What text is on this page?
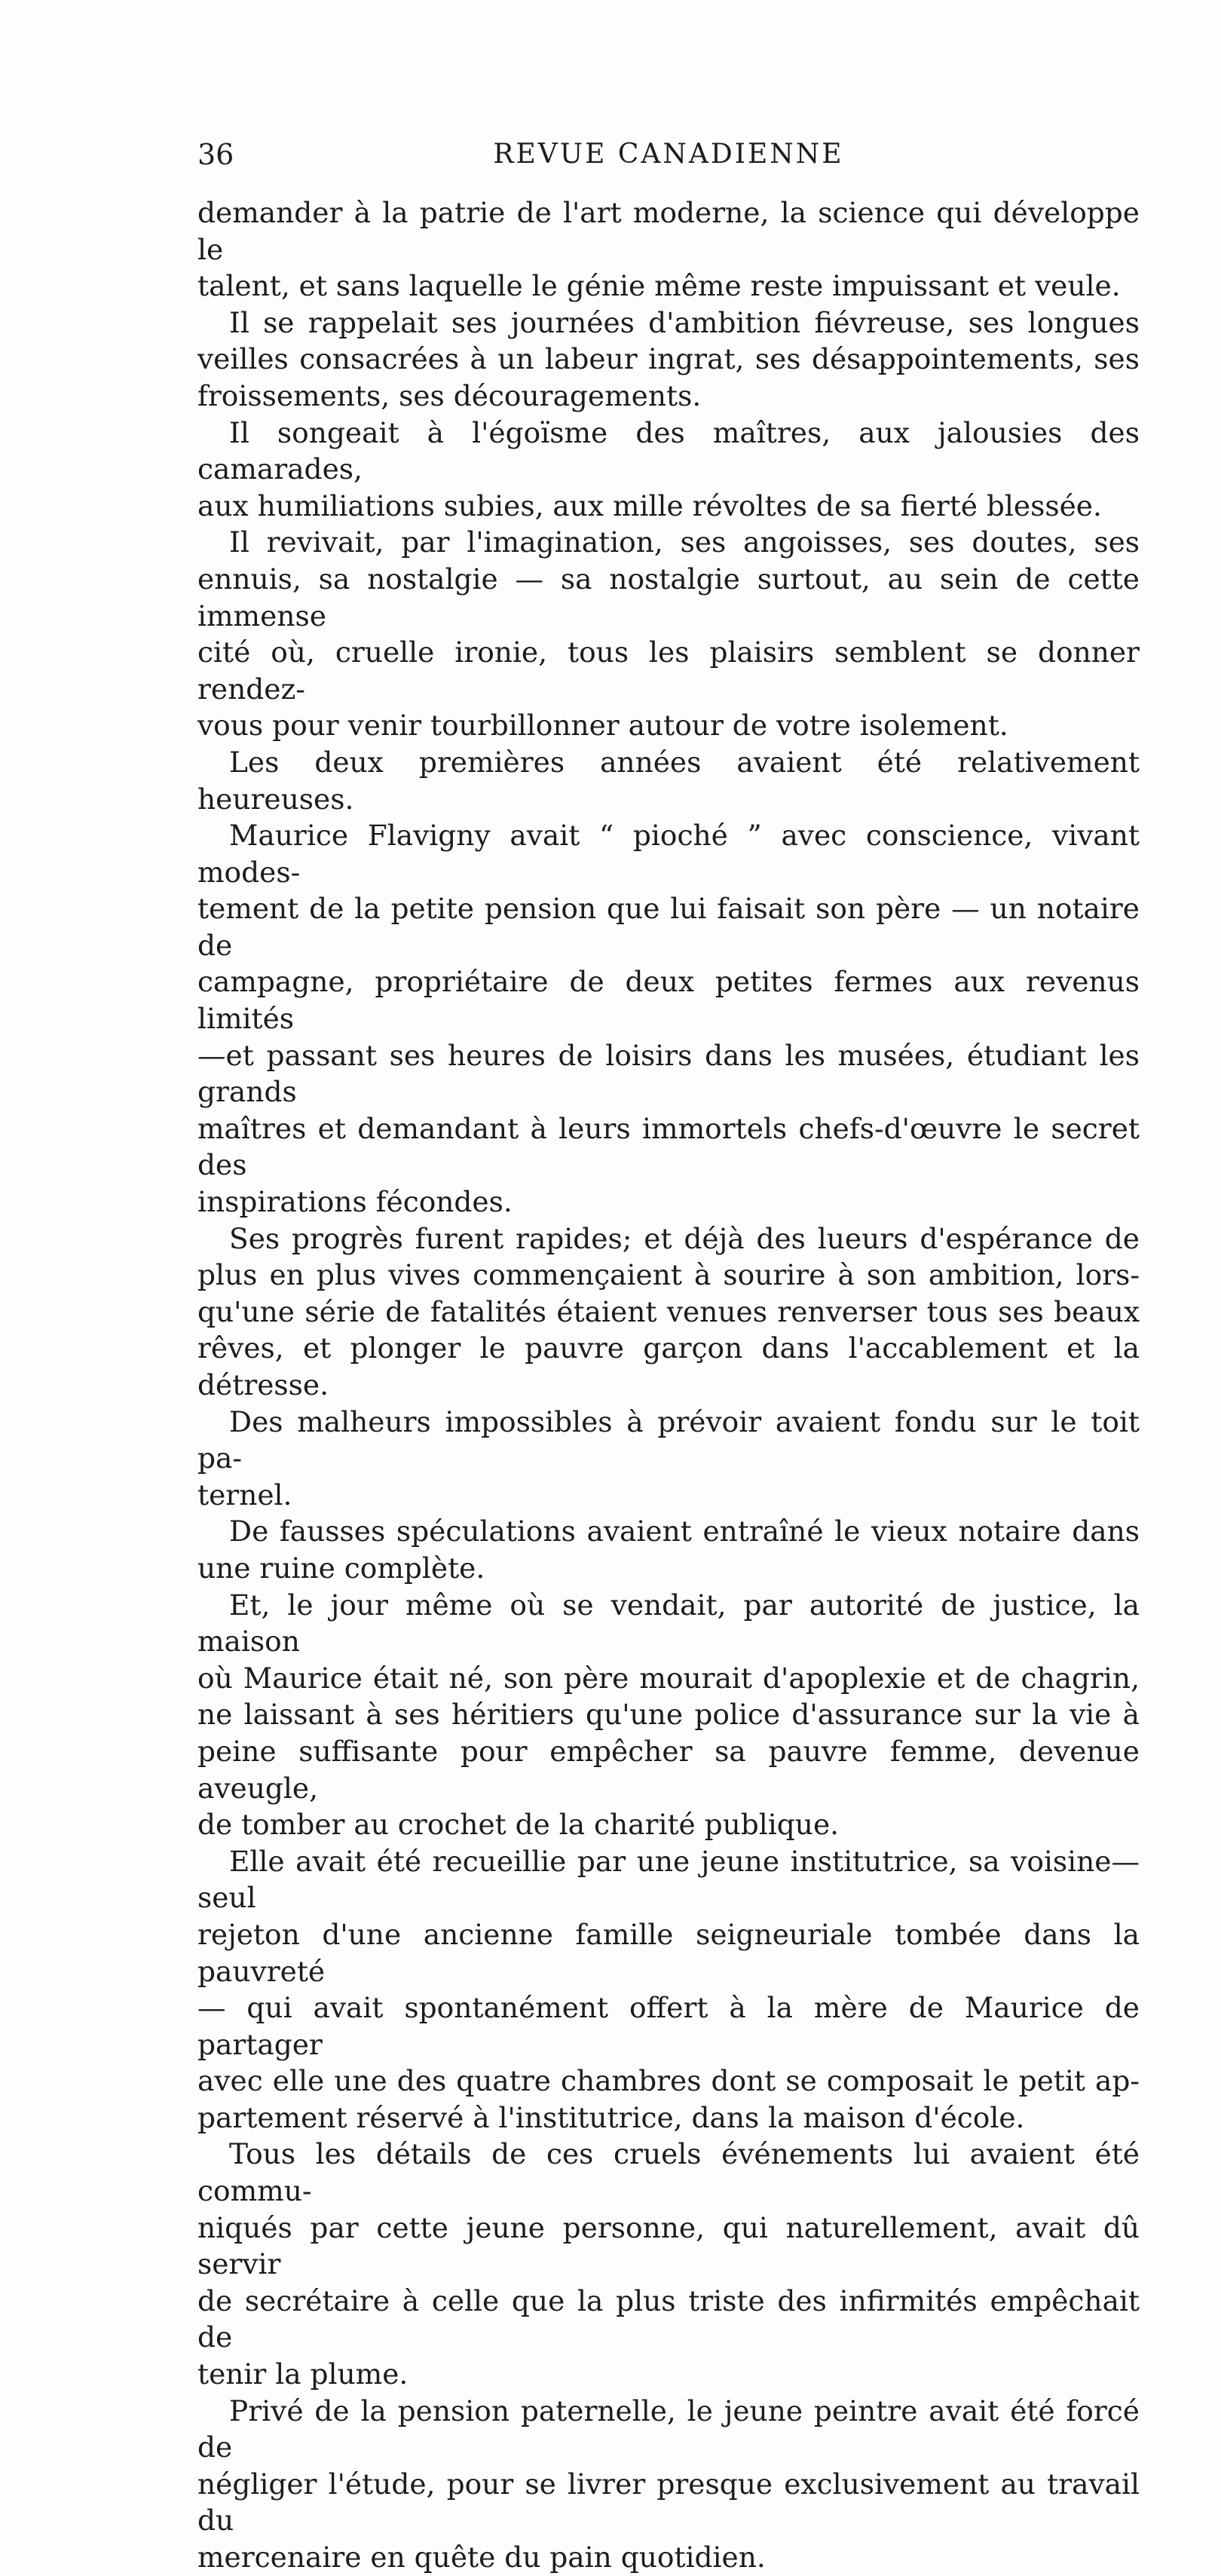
36	REVUE CANADIENNE
demander à la patrie de l'art moderne, la science qui développe le
talent, et sans laquelle le génie même reste impuissant et veule.
Il se rappelait ses journées d'ambition fiévreuse, ses longues
veilles consacrées à un labeur ingrat, ses désappointements, ses
froissements, ses découragements.
Il songeait à l'égoïsme des maîtres, aux jalousies des camarades,
aux humiliations subies, aux mille révoltes de sa fierté blessée.
Il revivait, par l'imagination, ses angoisses, ses doutes, ses
ennuis, sa nostalgie — sa nostalgie surtout, au sein de cette immense
cité où, cruelle ironie, tous les plaisirs semblent se donner rendez-
vous pour venir tourbillonner autour de votre isolement.
Les deux premières années avaient été relativement heureuses.
Maurice Flavigny avait “ pioché ” avec conscience, vivant modes-
tement de la petite pension que lui faisait son père — un notaire de
campagne, propriétaire de deux petites fermes aux revenus limités
—et passant ses heures de loisirs dans les musées, étudiant les grands
maîtres et demandant à leurs immortels chefs-d'œuvre le secret des
inspirations fécondes.
Ses progrès furent rapides; et déjà des lueurs d'espérance de
plus en plus vives commençaient à sourire à son ambition, lors-
qu'une série de fatalités étaient venues renverser tous ses beaux
rêves, et plonger le pauvre garçon dans l'accablement et la détresse.
Des malheurs impossibles à prévoir avaient fondu sur le toit pa-
ternel.
De fausses spéculations avaient entraîné le vieux notaire dans
une ruine complète.
Et, le jour même où se vendait, par autorité de justice, la maison
où Maurice était né, son père mourait d'apoplexie et de chagrin,
ne laissant à ses héritiers qu'une police d'assurance sur la vie à
peine suffisante pour empêcher sa pauvre femme, devenue aveugle,
de tomber au crochet de la charité publique.
Elle avait été recueillie par une jeune institutrice, sa voisine—seul
rejeton d'une ancienne famille seigneuriale tombée dans la pauvreté
— qui avait spontanément offert à la mère de Maurice de partager
avec elle une des quatre chambres dont se composait le petit ap-
partement réservé à l'institutrice, dans la maison d'école.
Tous les détails de ces cruels événements lui avaient été commu-
niqués par cette jeune personne, qui naturellement, avait dû servir
de secrétaire à celle que la plus triste des infirmités empêchait de
tenir la plume.
Privé de la pension paternelle, le jeune peintre avait été forcé de
négliger l'étude, pour se livrer presque exclusivement au travail du
mercenaire en quête du pain quotidien.
